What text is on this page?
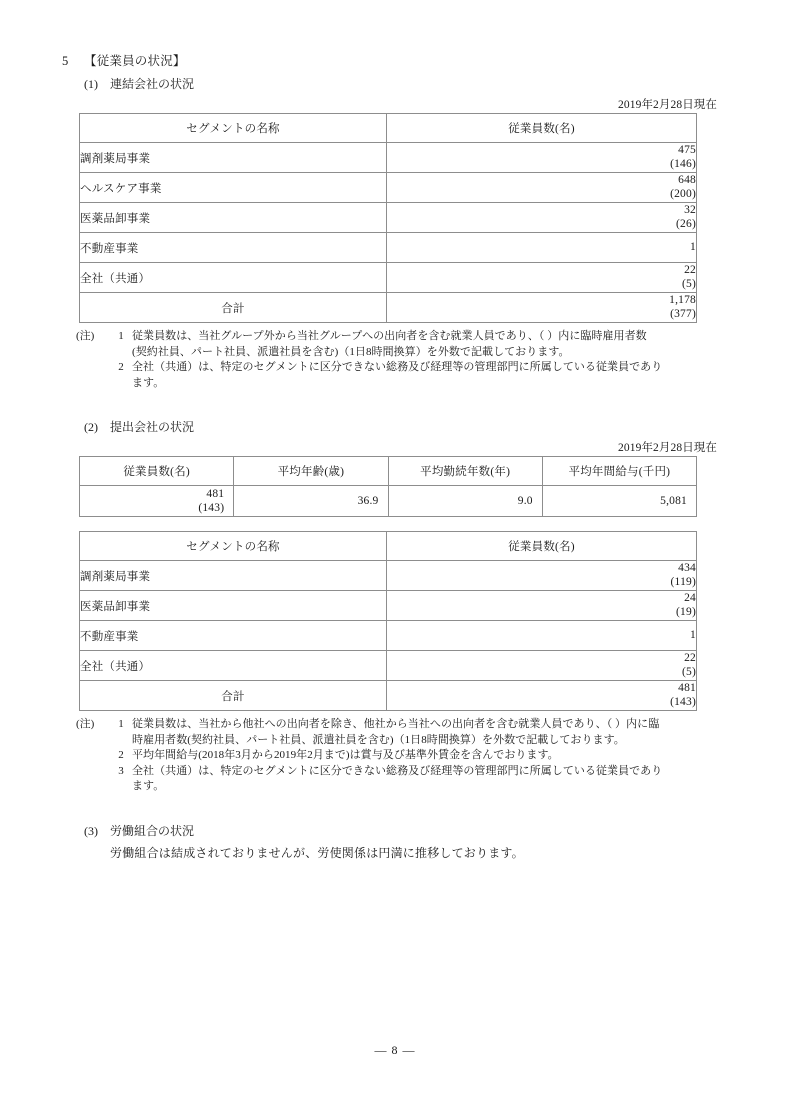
5 【従業員の状況】
(1) 連結会社の状況
2019年2月28日現在
セグメントの名称	従業員数(名)
調剤薬局事業	475
(146)

ヘルスケア事業	648
(200)

医薬品卸事業	32
(26)

不動産事業	1
全社（共通）	22
(5)

合計	1,178
(377)
(注)	1 従業員数は、当社グループ外から当社グループへの出向者を含む就業人員であり、（ ）内に臨時雇用者数
(契約社員、パート社員、派遣社員を含む)（1日8時間換算）を外数で記載しております。
2 全社（共通）は、特定のセグメントに区分できない総務及び経理等の管理部門に所属している従業員であり
ます。
(2) 提出会社の状況
2019年2月28日現在
従業員数(名)	平均年齢(歳)	平均勤続年数(年)	平均年間給与(千円)

481
(143)	36.9	9.0	5,081
セグメントの名称	従業員数(名)
調剤薬局事業	434
(119)

医薬品卸事業	24
(19)

不動産事業	1
全社（共通）	22
(5)

合計	481
(143)
(注)	1 従業員数は、当社から他社への出向者を除き、他社から当社への出向者を含む就業人員であり、（ ）内に臨
時雇用者数(契約社員、パート社員、派遣社員を含む)（1日8時間換算）を外数で記載しております。
2 平均年間給与(2018年3月から2019年2月まで)は賞与及び基準外賃金を含んでおります。
3 全社（共通）は、特定のセグメントに区分できない総務及び経理等の管理部門に所属している従業員であり
ます。
(3) 労働組合の状況
労働組合は結成されておりませんが、労使関係は円満に推移しております。
— 8 —
